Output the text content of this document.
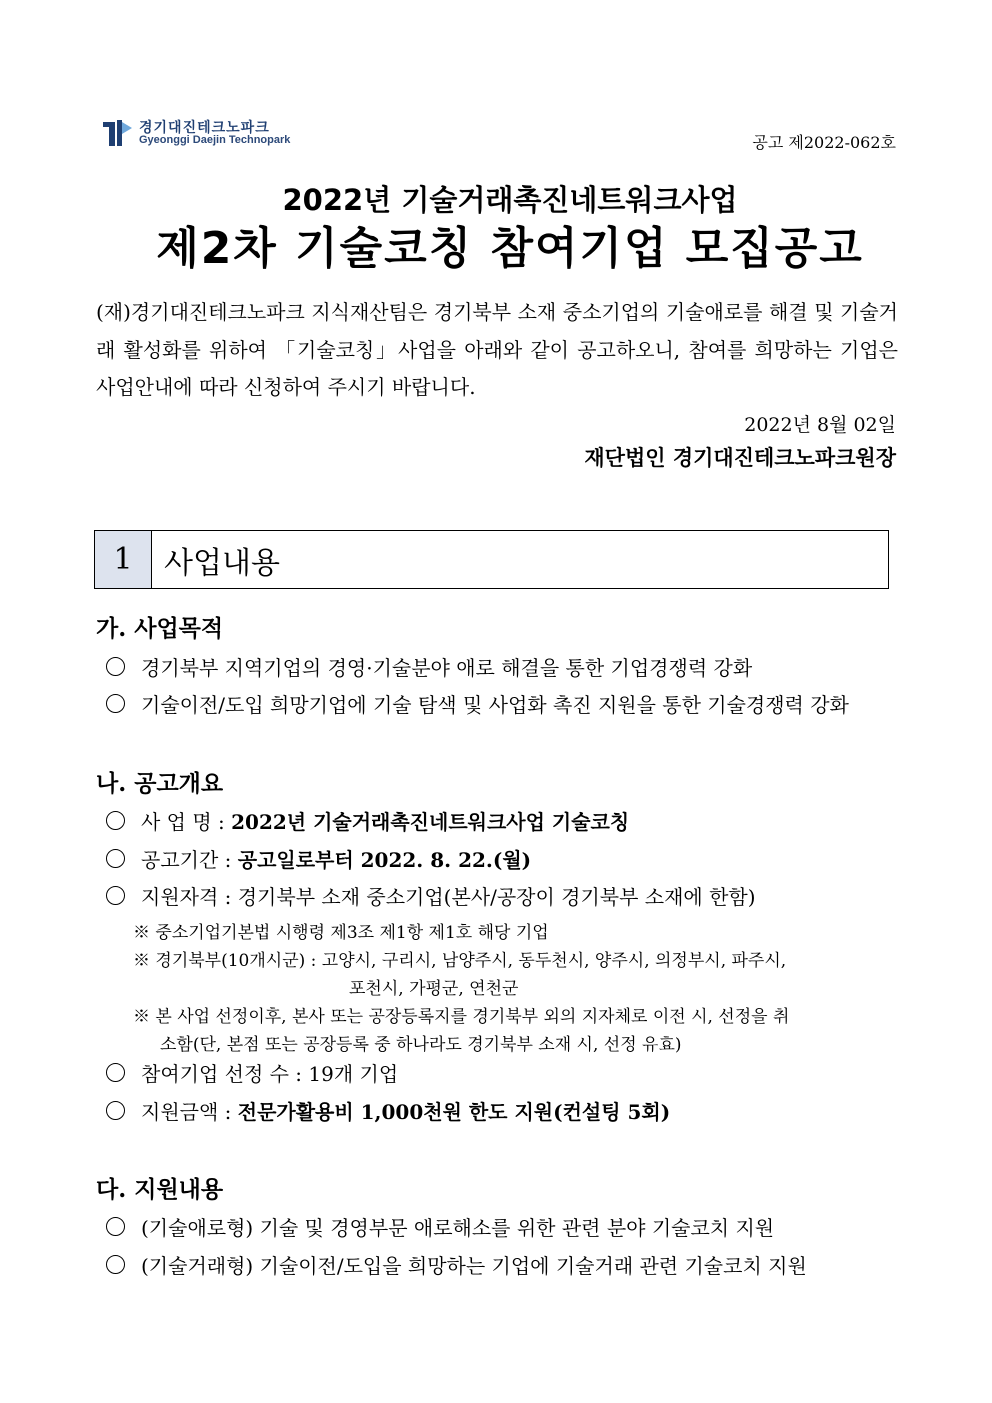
경기대진테크노파크
Gyeonggi Daejin Technopark	공고 제2022-062호
2022년 기술거래촉진네트워크사업
제2차 기술코칭 참여기업 모집공고
(재)경기대진테크노파크 지식재산팀은 경기북부 소재 중소기업의 기술애로를 해결 및 기술거래 활성화를 위하여 「기술코칭」사업을 아래와 같이 공고하오니, 참여를 희망하는 기업은 사업안내에 따라 신청하여 주시기 바랍니다.
2022년 8월 02일
재단법인 경기대진테크노파크원장
1	사업내용
가. 사업목적
경기북부 지역기업의 경영·기술분야 애로 해결을 통한 기업경쟁력 강화
기술이전/도입 희망기업에 기술 탐색 및 사업화 촉진 지원을 통한 기술경쟁력 강화
나. 공고개요
사 업 명 :
2022년 기술거래촉진네트워크사업 기술코칭
공고기간 :
공고일로부터 2022. 8. 22.(월)
지원자격 : 경기북부 소재 중소기업(본사/공장이 경기북부 소재에 한함)
※ 중소기업기본법 시행령 제3조 제1항 제1호 해당 기업
※ 경기북부(10개시군) : 고양시, 구리시, 남양주시, 동두천시, 양주시, 의정부시, 파주시,
포천시, 가평군, 연천군
※ 본 사업 선정이후, 본사 또는 공장등록지를 경기북부 외의 지자체로 이전 시, 선정을 취
소함(단, 본점 또는 공장등록 중 하나라도 경기북부 소재 시, 선정 유효)
참여기업 선정 수 : 19개 기업
지원금액 :
전문가활용비 1,000천원 한도 지원(컨설팅 5회)
다. 지원내용
(기술애로형) 기술 및 경영부문 애로해소를 위한 관련 분야 기술코치 지원
(기술거래형) 기술이전/도입을 희망하는 기업에 기술거래 관련 기술코치 지원
